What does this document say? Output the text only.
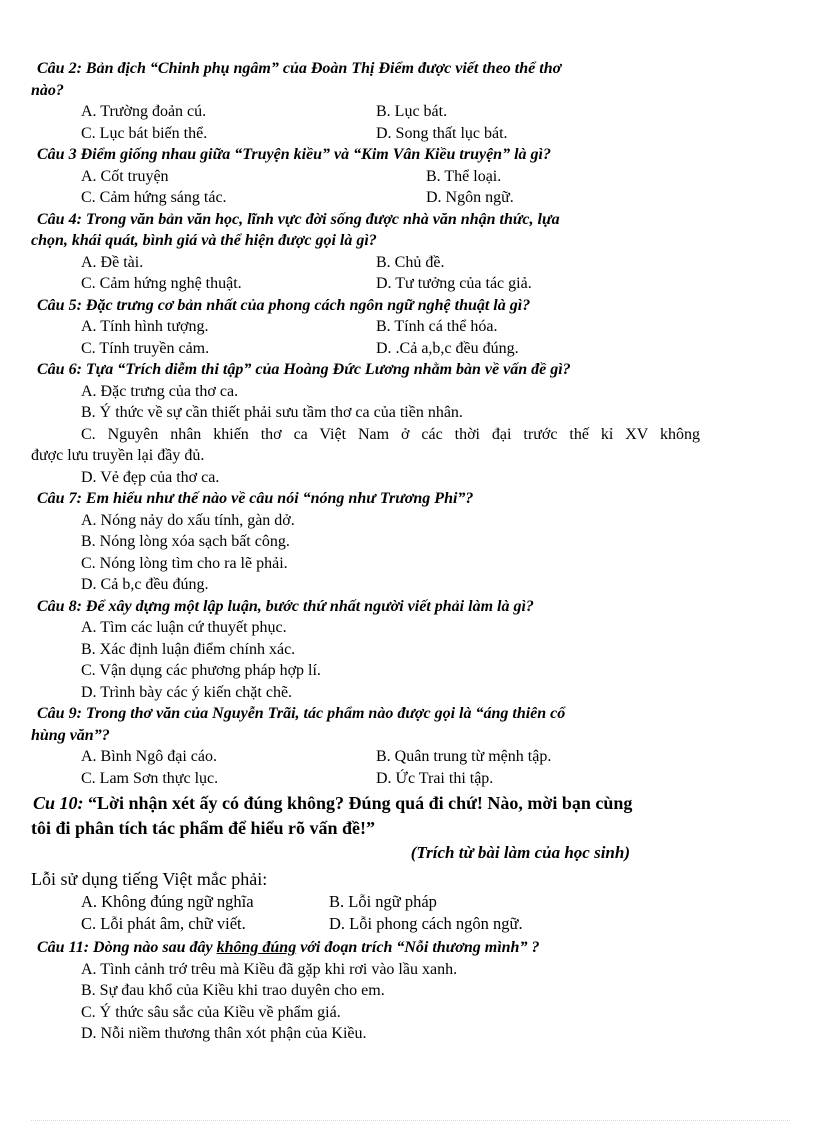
Câu 2: Bản địch “Chinh phụ ngâm” của Đoàn Thị Điểm được viết theo thể thơ
nào?
A. Trường đoản cú.	B. Lục bát.
C. Lục bát biến thể.	D. Song thất lục bát.
Câu 3 Điểm giống nhau giữa “Truyện kiều” và “Kim Vân Kiều truyện” là gì?
A. Cốt truyện	B. Thể loại.
C. Cảm hứng sáng tác.	D. Ngôn ngữ.
Câu 4: Trong văn bản văn học, lĩnh vực đời sống được nhà văn nhận thức, lựa
chọn, khái quát, bình giá và thể hiện được gọi là gì?
A. Đề tài.	B. Chủ đề.
C. Cảm hứng nghệ thuật.	D. Tư tưởng của tác giả.
Câu 5: Đặc trưng cơ bản nhất của phong cách ngôn ngữ nghệ thuật là gì?
A. Tính hình tượng.	B. Tính cá thể hóa.
C. Tính truyền cảm.	D. .Cả a,b,c đều đúng.
Câu 6: Tựa “Trích diễm thi tập” của Hoàng Đức Lương nhằm bàn về vấn đề gì?
A. Đặc trưng của thơ ca.
B. Ý thức về sự cần thiết phải sưu tầm thơ ca của tiền nhân.
C. Nguyên nhân khiến thơ ca Việt Nam ở các thời đại trước thế kỉ XV không
được lưu truyền lại đầy đủ.
D. Vẻ đẹp của thơ ca.
Câu 7: Em hiểu như thế nào về câu nói “nóng như Trương Phi”?
A. Nóng nảy do xấu tính, gàn dở.
B. Nóng lòng xóa sạch bất công.
C. Nóng lòng tìm cho ra lẽ phải.
D. Cả b,c đều đúng.
Câu 8: Để xây dựng một lập luận, bước thứ nhất người viết phải làm là gì?
A. Tìm các luận cứ thuyết phục.
B. Xác định luận điểm chính xác.
C. Vận dụng các phương pháp hợp lí.
D. Trình bày các ý kiến chặt chẽ.
Câu 9: Trong thơ văn của Nguyễn Trãi, tác phẩm nào được gọi là “áng thiên cổ
hùng văn”?
A. Bình Ngô đại cáo.	B. Quân trung từ mệnh tập.
C. Lam Sơn thực lục.	D. Ức Trai thi tập.
Cu 10: “Lời nhận xét ấy có đúng không? Đúng quá đi chứ! Nào, mời bạn cùng
tôi đi phân tích tác phẩm để hiểu rõ vấn đề!”
(Trích từ bài làm của học sinh)
Lỗi sử dụng tiếng Việt mắc phải:
A. Không đúng ngữ nghĩa	B. Lỗi ngữ pháp
C. Lỗi phát âm, chữ viết.	D. Lỗi phong cách ngôn ngữ.
Câu 11: Dòng nào sau đây không đúng với đoạn trích “Nỗi thương mình” ?
A. Tình cảnh trớ trêu mà Kiều đã gặp khi rơi vào lầu xanh.
B. Sự đau khổ của Kiều khi trao duyên cho em.
C. Ý thức sâu sắc của Kiều về phẩm giá.
D. Nỗi niềm thương thân xót phận của Kiều.
